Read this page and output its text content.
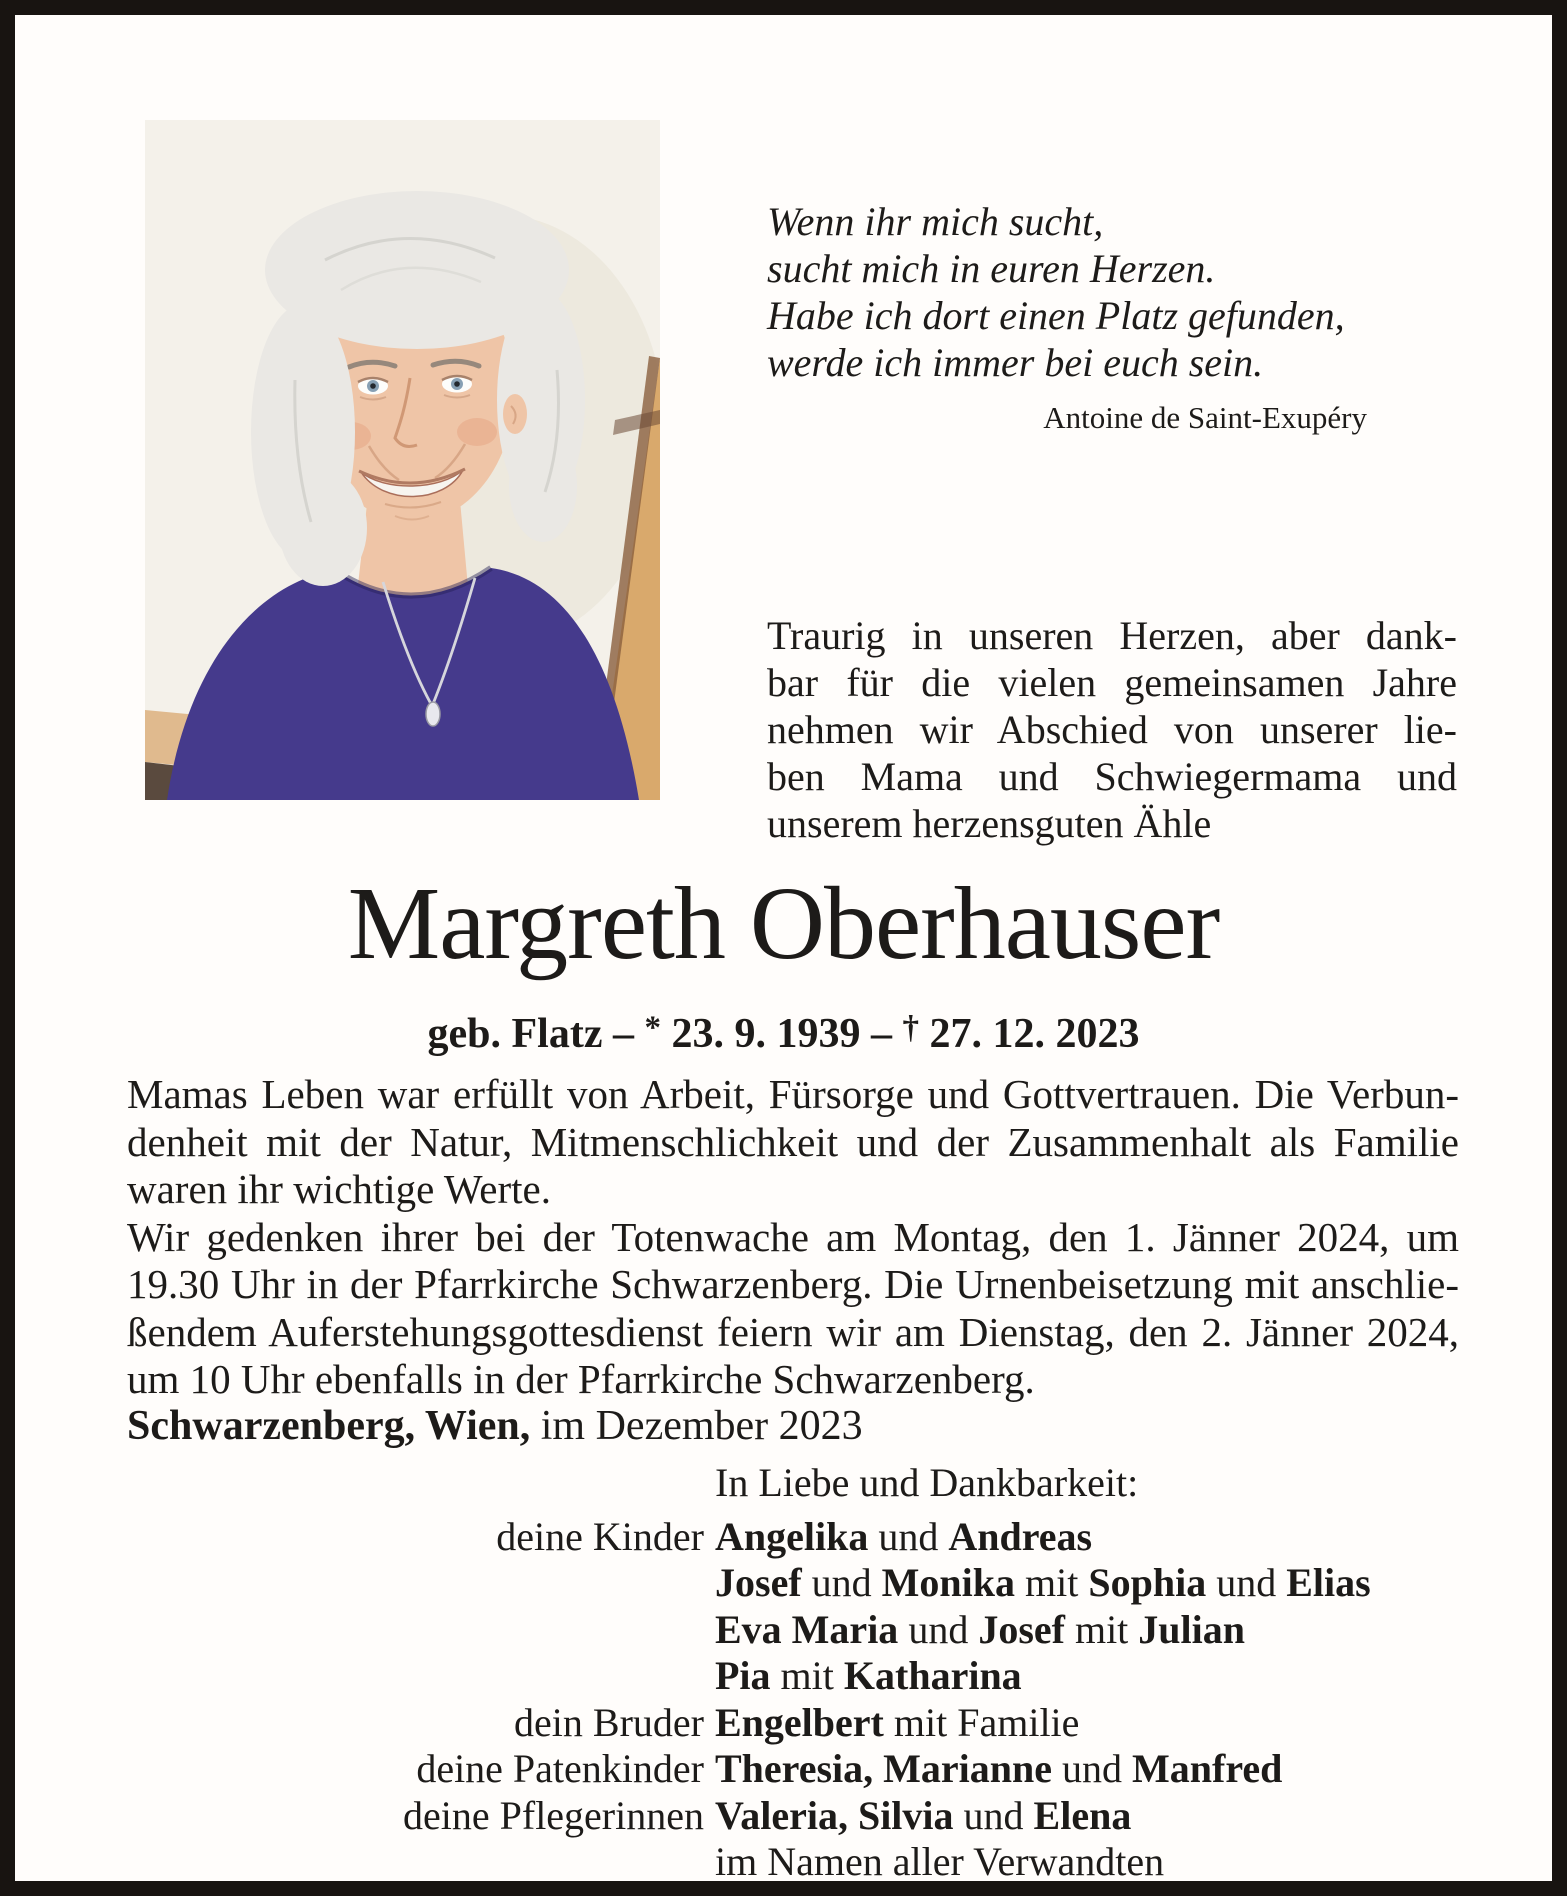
Wenn ihr mich sucht,
sucht mich in euren Herzen.
Habe ich dort einen Platz gefunden,
werde ich immer bei euch sein.
Antoine de Saint-Exupéry
Traurig in unseren Herzen, aber dank-
bar für die vielen gemeinsamen Jahre
nehmen wir Abschied von unserer lie-
ben Mama und Schwiegermama und
unserem herzensguten Ähle
Margreth Oberhauser
geb. Flatz – * 23. 9. 1939 – † 27. 12. 2023
Mamas Leben war erfüllt von Arbeit, Fürsorge und Gottvertrauen. Die Verbun-
denheit mit der Natur, Mitmenschlichkeit und der Zusammenhalt als Familie
waren ihr wichtige Werte.
Wir gedenken ihrer bei der Totenwache am Montag, den 1. Jänner 2024, um
19.30 Uhr in der Pfarrkirche Schwarzenberg. Die Urnenbeisetzung mit anschlie-
ßendem Auferstehungsgottesdienst feiern wir am Dienstag, den 2. Jänner 2024,
um 10 Uhr ebenfalls in der Pfarrkirche Schwarzenberg.
Schwarzenberg, Wien, im Dezember 2023
In Liebe und Dankbarkeit:
deine Kinder Angelika und Andreas
Josef und Monika mit Sophia und Elias
Eva Maria und Josef mit Julian
Pia mit Katharina
dein Bruder Engelbert mit Familie
deine Patenkinder Theresia, Marianne und Manfred
deine Pflegerinnen Valeria, Silvia und Elena
im Namen aller Verwandten
